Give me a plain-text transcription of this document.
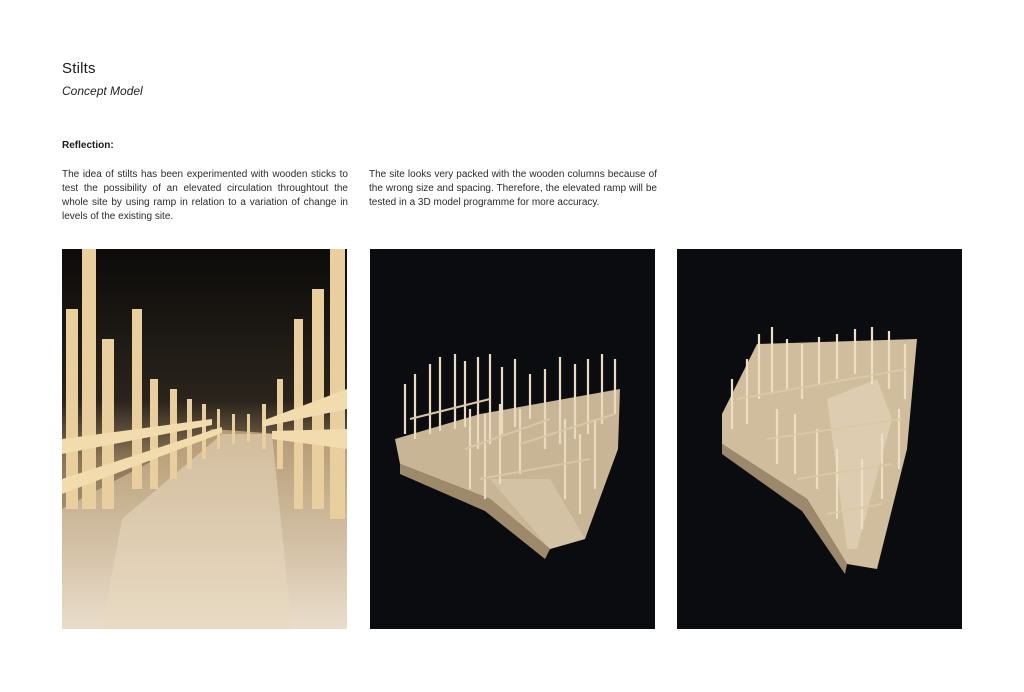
Stilts
Concept Model
Reflection:
The idea of stilts has been experimented with wooden sticks to test the possibility of an elevated circulation throughtout the whole site by using ramp in relation to a variation of change in levels of the existing site.
The site looks very packed with the wooden columns because of the wrong size and spacing. Therefore, the elevated ramp will be tested in a 3D model programme for more accuracy.
